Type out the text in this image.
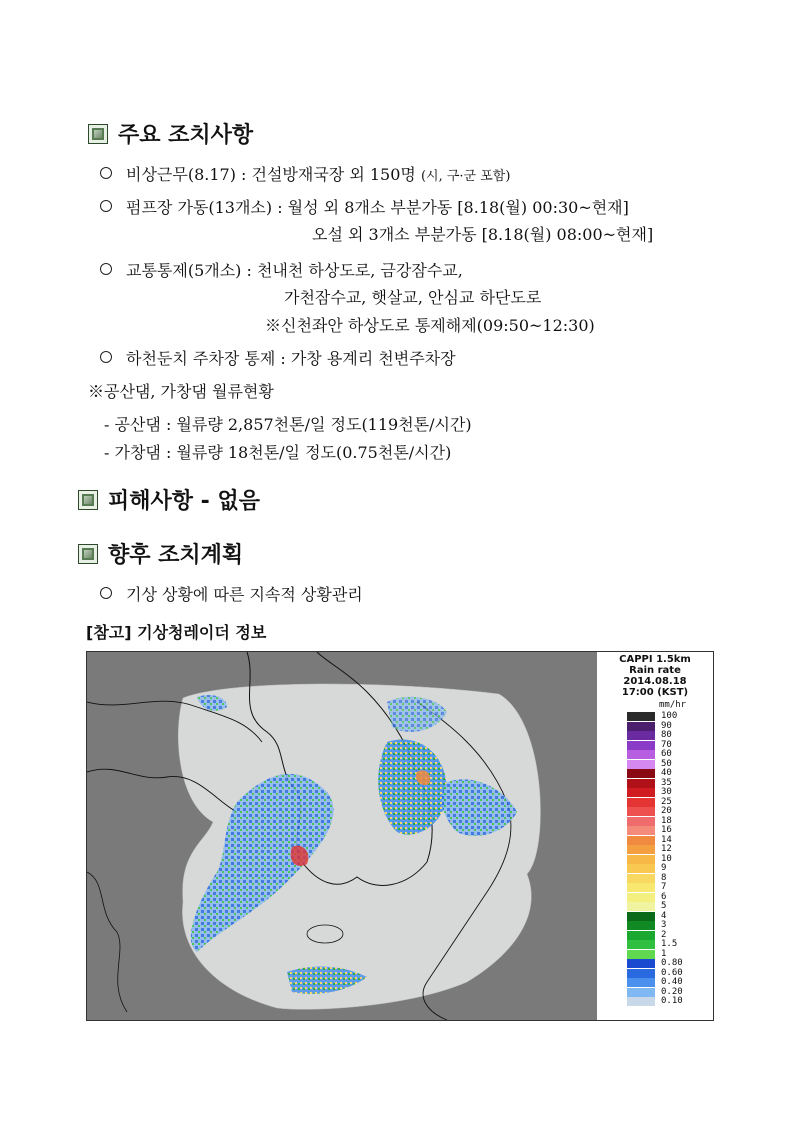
주요 조치사항
비상근무(8.17) : 건설방재국장 외 150명 (시, 구·군 포함)
펌프장 가동(13개소) : 월성 외 8개소 부분가동 [8.18(월) 00:30~현재]
오설 외 3개소 부분가동 [8.18(월) 08:00~현재]
교통통제(5개소) : 천내천 하상도로, 금강잠수교,
가천잠수교, 햇살교, 안심교 하단도로
※신천좌안 하상도로 통제해제(09:50~12:30)
하천둔치 주차장 통제 : 가창 용계리 천변주차장
※공산댐, 가창댐 월류현황
- 공산댐 : 월류량 2,857천톤/일 정도(119천톤/시간)
- 가창댐 : 월류량 18천톤/일 정도(0.75천톤/시간)
피해사항 - 없음
향후 조치계획
기상 상황에 따른 지속적 상황관리
[참고] 기상청레이더 정보
CAPPI 1.5km
Rain rate
2014.08.18
17:00 (KST)
mm/hr
100
90
80
70
60
50
40
35
30
25
20
18
16
14
12
10
9
8
7
6
5
4
3
2
1.5
1
0.80
0.60
0.40
0.20
0.10
